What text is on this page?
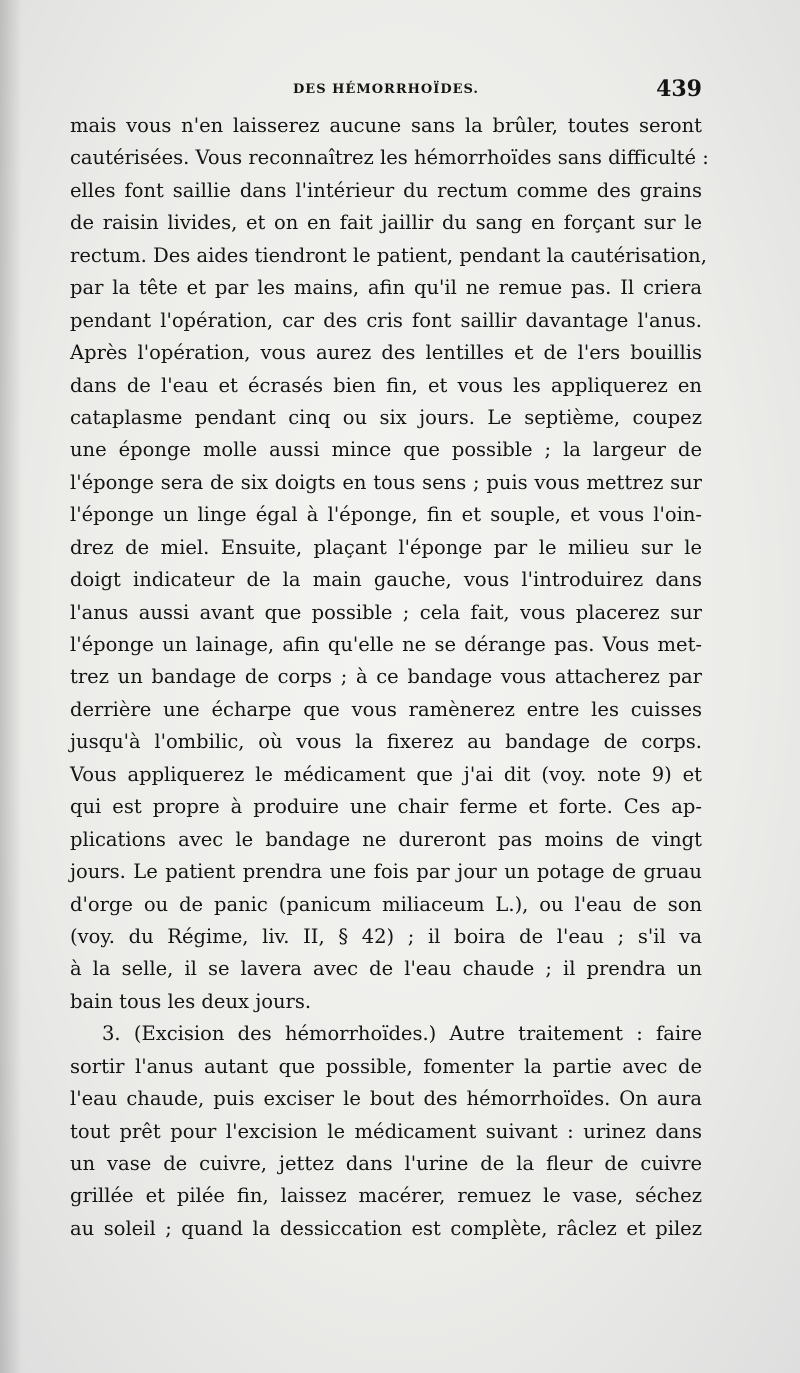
DES HÉMORRHOÏDES.	439
mais vous n'en laisserez aucune sans la brûler, toutes seront
cautérisées. Vous reconnaîtrez les hémorrhoïdes sans difficulté :
elles font saillie dans l'intérieur du rectum comme des grains
de raisin livides, et on en fait jaillir du sang en forçant sur le
rectum. Des aides tiendront le patient, pendant la cautérisation,
par la tête et par les mains, afin qu'il ne remue pas. Il criera
pendant l'opération, car des cris font saillir davantage l'anus.
Après l'opération, vous aurez des lentilles et de l'ers bouillis
dans de l'eau et écrasés bien fin, et vous les appliquerez en
cataplasme pendant cinq ou six jours. Le septième, coupez
une éponge molle aussi mince que possible ; la largeur de
l'éponge sera de six doigts en tous sens ; puis vous mettrez sur
l'éponge un linge égal à l'éponge, fin et souple, et vous l'oin-
drez de miel. Ensuite, plaçant l'éponge par le milieu sur le
doigt indicateur de la main gauche, vous l'introduirez dans
l'anus aussi avant que possible ; cela fait, vous placerez sur
l'éponge un lainage, afin qu'elle ne se dérange pas. Vous met-
trez un bandage de corps ; à ce bandage vous attacherez par
derrière une écharpe que vous ramènerez entre les cuisses
jusqu'à l'ombilic, où vous la fixerez au bandage de corps.
Vous appliquerez le médicament que j'ai dit (voy. note 9) et
qui est propre à produire une chair ferme et forte. Ces ap-
plications avec le bandage ne dureront pas moins de vingt
jours. Le patient prendra une fois par jour un potage de gruau
d'orge ou de panic (panicum miliaceum L.), ou l'eau de son
(voy. du Régime, liv. II, § 42) ; il boira de l'eau ; s'il va
à la selle, il se lavera avec de l'eau chaude ; il prendra un
bain tous les deux jours.
3. (Excision des hémorrhoïdes.) Autre traitement : faire
sortir l'anus autant que possible, fomenter la partie avec de
l'eau chaude, puis exciser le bout des hémorrhoïdes. On aura
tout prêt pour l'excision le médicament suivant : urinez dans
un vase de cuivre, jettez dans l'urine de la fleur de cuivre
grillée et pilée fin, laissez macérer, remuez le vase, séchez
au soleil ; quand la dessiccation est complète, râclez et pilez
